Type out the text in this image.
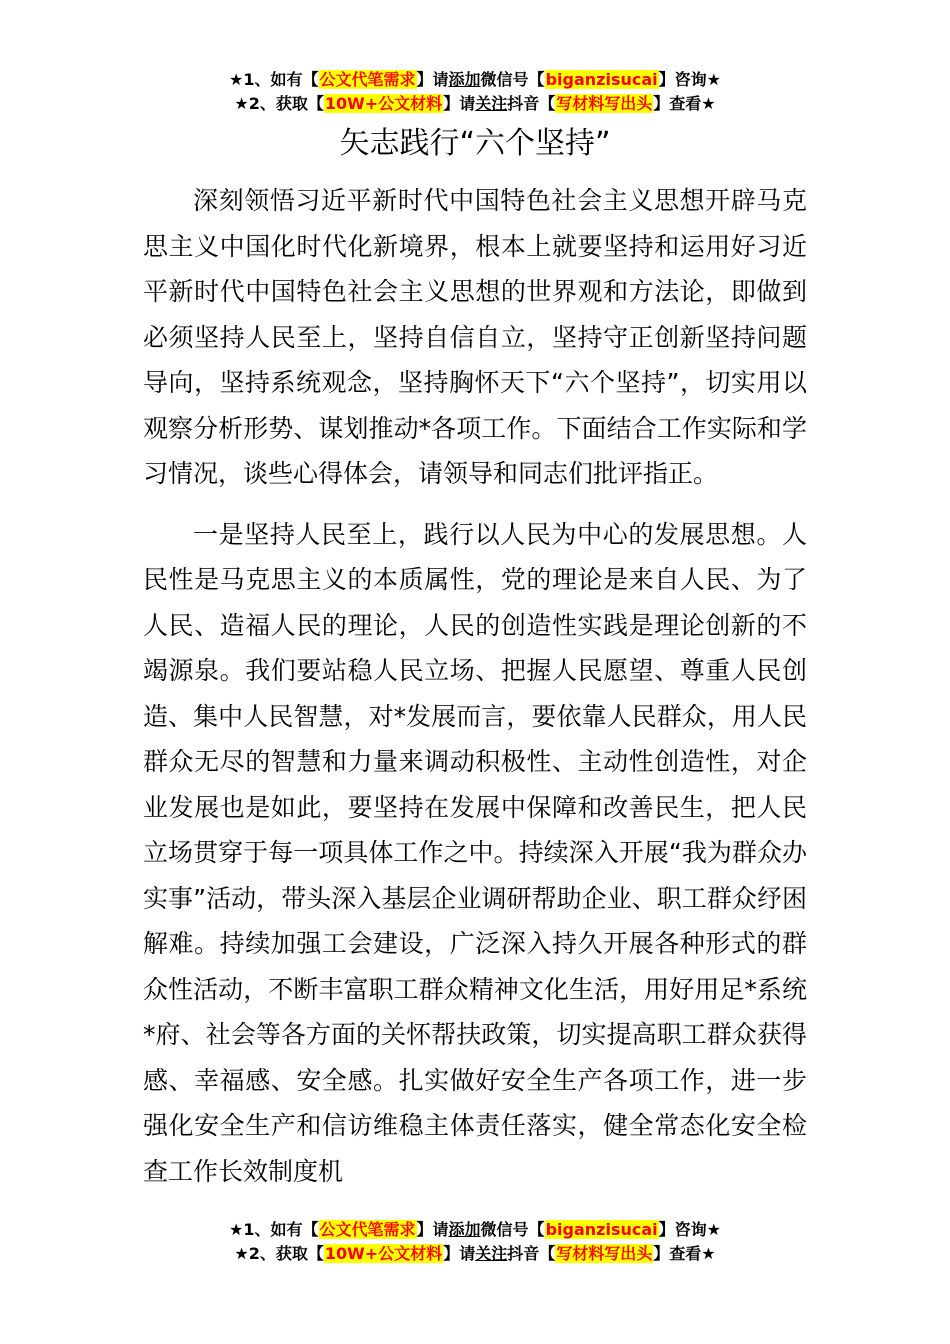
★1、如有【公文代笔需求】请添加微信号【biganzisucai】咨询★
★2、获取【10W+公文材料】请关注抖音【写材料写出头】查看★
矢志践行“六个坚持”

深刻领悟习近平新时代中国特色社会主义思想开辟马克思主义中国化时代化新境界，根本上就要坚持和运用好习近平新时代中国特色社会主义思想的世界观和方法论，即做到必须坚持人民至上，坚持自信自立，坚持守正创新坚持问题导向，坚持系统观念，坚持胸怀天下“六个坚持”，切实用以观察分析形势、谋划推动*各项工作。下面结合工作实际和学习情况，谈些心得体会，请领导和同志们批评指正。

一是坚持人民至上，践行以人民为中心的发展思想。人民性是马克思主义的本质属性，党的理论是来自人民、为了人民、造福人民的理论，人民的创造性实践是理论创新的不竭源泉。我们要站稳人民立场、把握人民愿望、尊重人民创造、集中人民智慧，对*发展而言，要依靠人民群众，用人民群众无尽的智慧和力量来调动积极性、主动性创造性，对企业发展也是如此，要坚持在发展中保障和改善民生，把人民立场贯穿于每一项具体工作之中。持续深入开展“我为群众办实事”活动，带头深入基层企业调研帮助企业、职工群众纾困解难。持续加强工会建设，广泛深入持久开展各种形式的群众性活动，不断丰富职工群众精神文化生活，用好用足*系统*府、社会等各方面的关怀帮扶政策，切实提高职工群众获得感、幸福感、安全感。扎实做好安全生产各项工作，进一步强化安全生产和信访维稳主体责任落实，健全常态化安全检查工作长效制度机

★1、如有【公文代笔需求】请添加微信号【biganzisucai】咨询★
★2、获取【10W+公文材料】请关注抖音【写材料写出头】查看★
